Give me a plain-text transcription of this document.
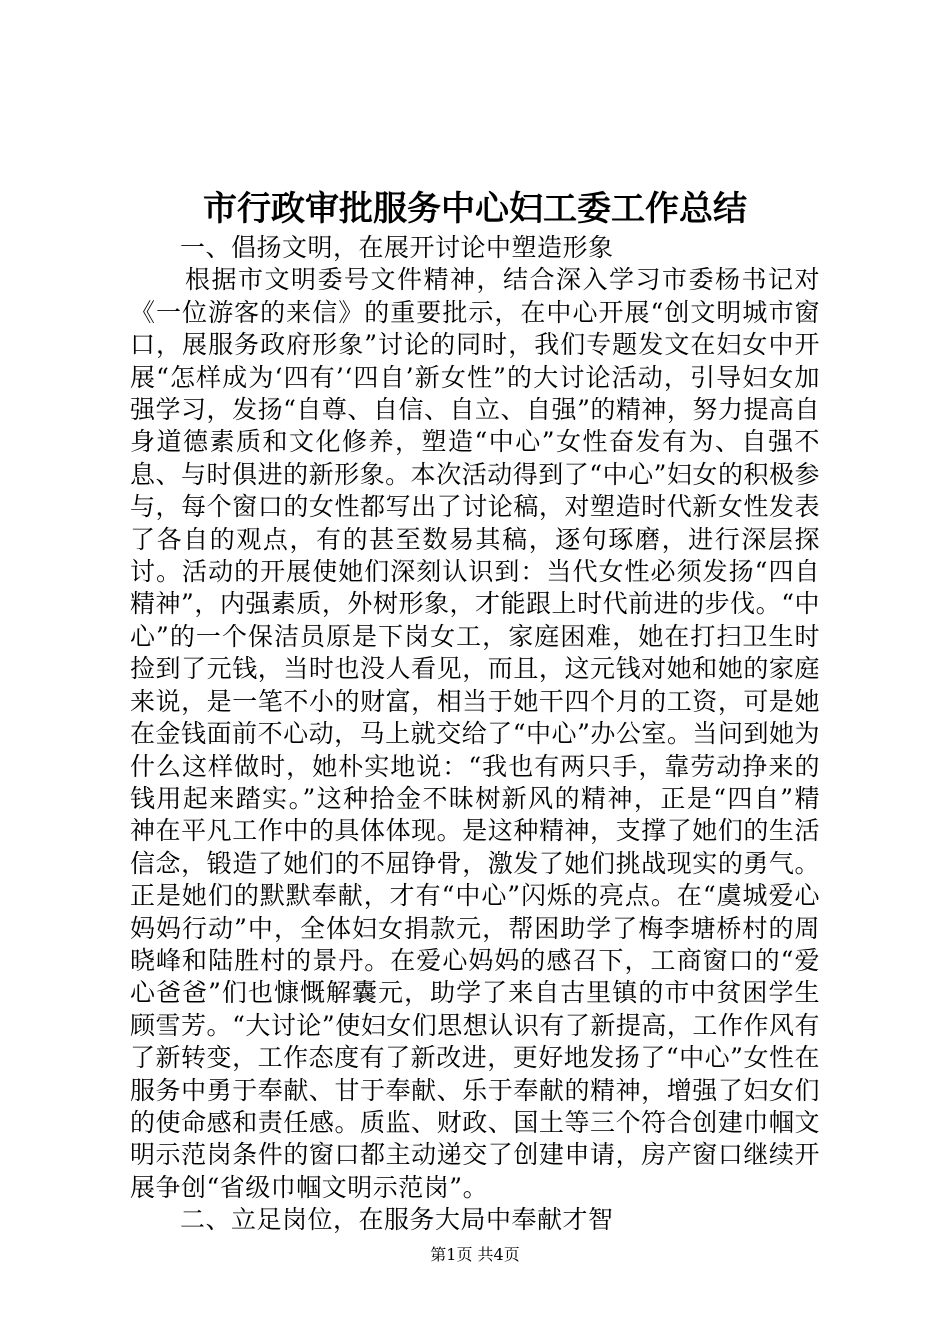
市行政审批服务中心妇工委工作总结

一、倡扬文明，在展开讨论中塑造形象

根据市文明委号文件精神，结合深入学习市委杨书记对《一位游客的来信》的重要批示，在中心开展“创文明城市窗口，展服务政府形象”讨论的同时，我们专题发文在妇女中开展“怎样成为‘四有’‘四自’新女性”的大讨论活动，引导妇女加强学习，发扬“自尊、自信、自立、自强”的精神，努力提高自身道德素质和文化修养，塑造“中心”女性奋发有为、自强不息、与时俱进的新形象。本次活动得到了“中心”妇女的积极参与，每个窗口的女性都写出了讨论稿，对塑造时代新女性发表了各自的观点，有的甚至数易其稿，逐句琢磨，进行深层探讨。活动的开展使她们深刻认识到：当代女性必须发扬“四自精神”，内强素质，外树形象，才能跟上时代前进的步伐。“中心”的一个保洁员原是下岗女工，家庭困难，她在打扫卫生时捡到了元钱，当时也没人看见，而且，这元钱对她和她的家庭来说，是一笔不小的财富，相当于她干四个月的工资，可是她在金钱面前不心动，马上就交给了“中心”办公室。当问到她为什么这样做时，她朴实地说：“我也有两只手，靠劳动挣来的钱用起来踏实。”这种拾金不昧树新风的精神，正是“四自”精神在平凡工作中的具体体现。是这种精神，支撑了她们的生活信念，锻造了她们的不屈铮骨，激发了她们挑战现实的勇气。正是她们的默默奉献，才有“中心”闪烁的亮点。在“虞城爱心妈妈行动”中，全体妇女捐款元，帮困助学了梅李塘桥村的周晓峰和陆胜村的景丹。在爱心妈妈的感召下，工商窗口的“爱心爸爸”们也慷慨解囊元，助学了来自古里镇的市中贫困学生顾雪芳。“大讨论”使妇女们思想认识有了新提高，工作作风有了新转变，工作态度有了新改进，更好地发扬了“中心”女性在服务中勇于奉献、甘于奉献、乐于奉献的精神，增强了妇女们的使命感和责任感。质监、财政、国土等三个符合创建巾帼文明示范岗条件的窗口都主动递交了创建申请，房产窗口继续开展争创“省级巾帼文明示范岗”。

二、立足岗位，在服务大局中奉献才智

第1页 共4页
